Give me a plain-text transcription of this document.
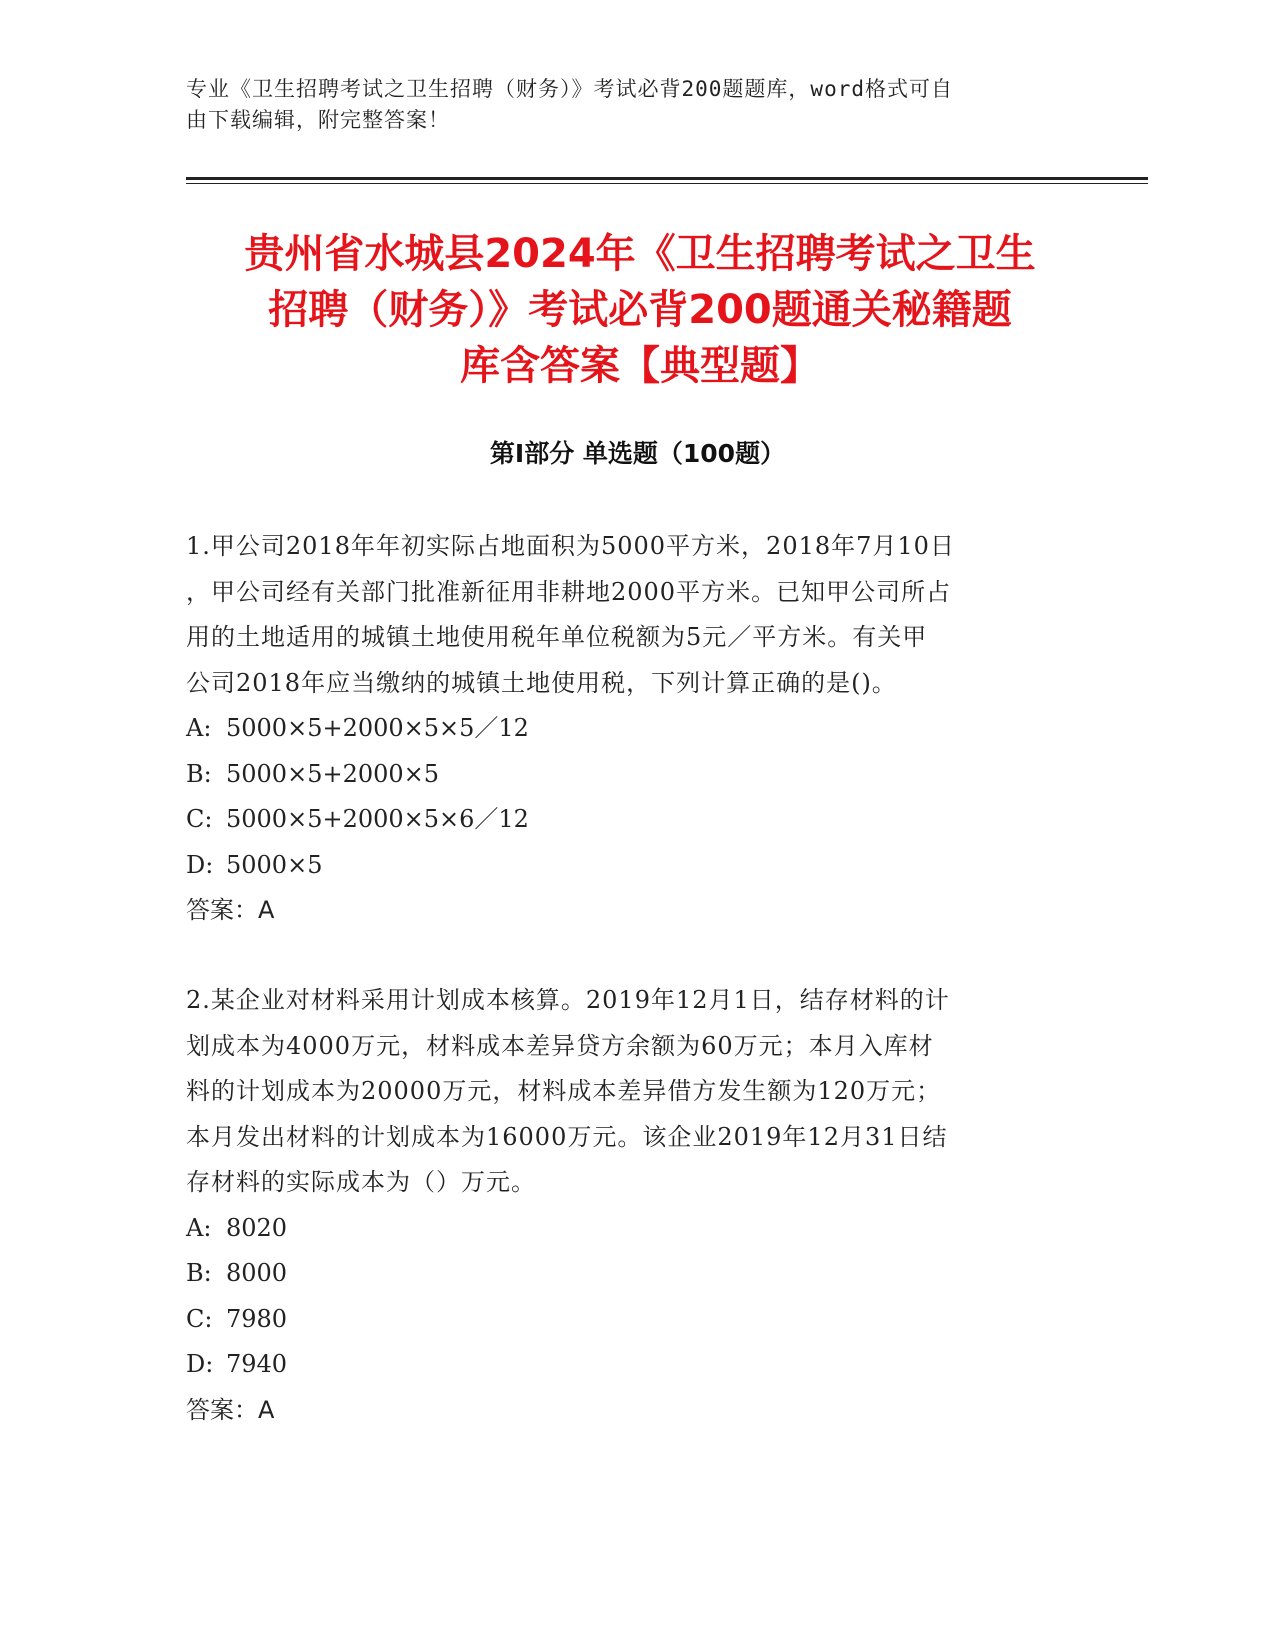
专业《卫生招聘考试之卫生招聘（财务）》考试必背200题题库，word格式可自
由下载编辑，附完整答案！
贵州省水城县2024年《卫生招聘考试之卫生
招聘（财务）》考试必背200题通关秘籍题
库含答案【典型题】
第Ⅰ部分 单选题（100题）

1.甲公司2018年年初实际占地面积为5000平方米，2018年7月10日

，甲公司经有关部门批准新征用非耕地2000平方米。已知甲公司所占

用的土地适用的城镇土地使用税年单位税额为5元／平方米。有关甲

公司2018年应当缴纳的城镇土地使用税，下列计算正确的是()。

A: 5000×5+2000×5×5／12

B: 5000×5+2000×5

C: 5000×5+2000×5×6／12

D: 5000×5

答案：A

2.某企业对材料采用计划成本核算。2019年12月1日，结存材料的计

划成本为4000万元，材料成本差异贷方余额为60万元；本月入库材

料的计划成本为20000万元，材料成本差异借方发生额为120万元；

本月发出材料的计划成本为16000万元。该企业2019年12月31日结

存材料的实际成本为（）万元。

A: 8020

B: 8000

C: 7980

D: 7940

答案：A
